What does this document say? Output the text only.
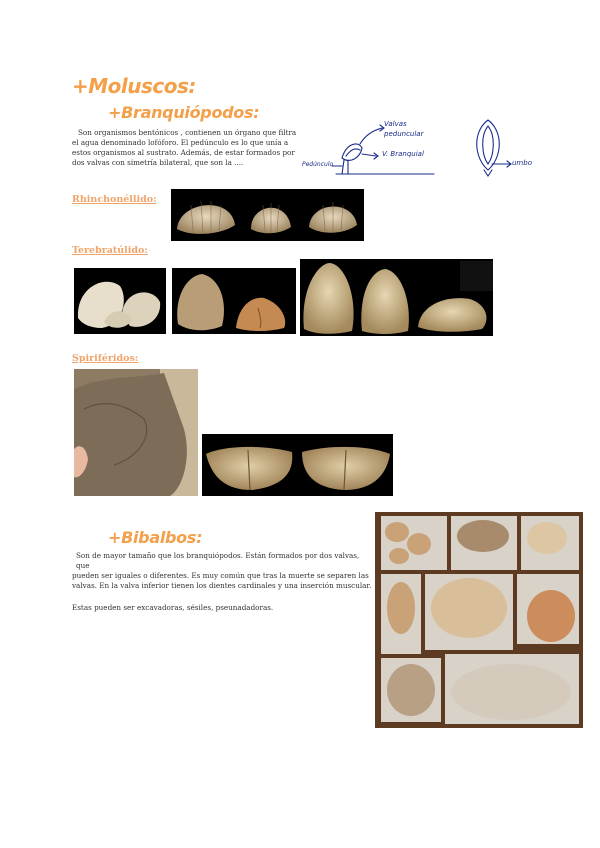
+Moluscos:
+Branquiópodos:
Son organismos bentónicos , contienen un órgano que filtra
el agua denominado lofóforo. El pedúnculo es lo que unía a
estos organismos al sustrato. Además, de estar formados por
dos valvas con simetría bilateral, que son la ....
Valvas
peduncular
V. Branquial
Pedúnculo	umbo
Rhinchonéllido:
Terebratúlido:
Spiriféridos:
+Bibalbos:
Son de mayor tamaño que los branquiópodos. Están formados por dos valvas, que
pueden ser iguales o diferentes. Es muy común que tras la muerte se separen las
valvas. En la valva inferior tienen los dientes cardinales y una inserción muscular.
Estas pueden ser excavadoras, sésiles, pseunadadoras.
